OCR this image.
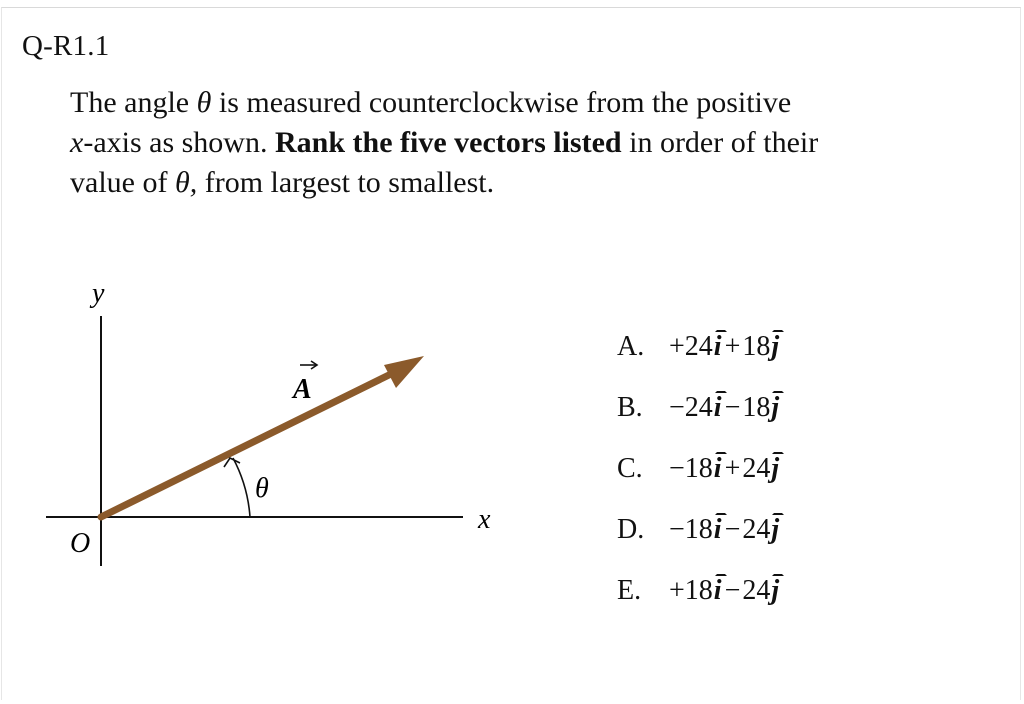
Q-R1.1
The angle θ is measured counterclockwise from the positive
x-axis as shown. Rank the five vectors listed in order of their
value of θ, from largest to smallest.
y
x
O
A
θ
A. + 24 i + 18 j
B. − 24 i − 18 j
C. − 18 i + 24 j
D. − 18 i − 24 j
E. + 18 i − 24 j
